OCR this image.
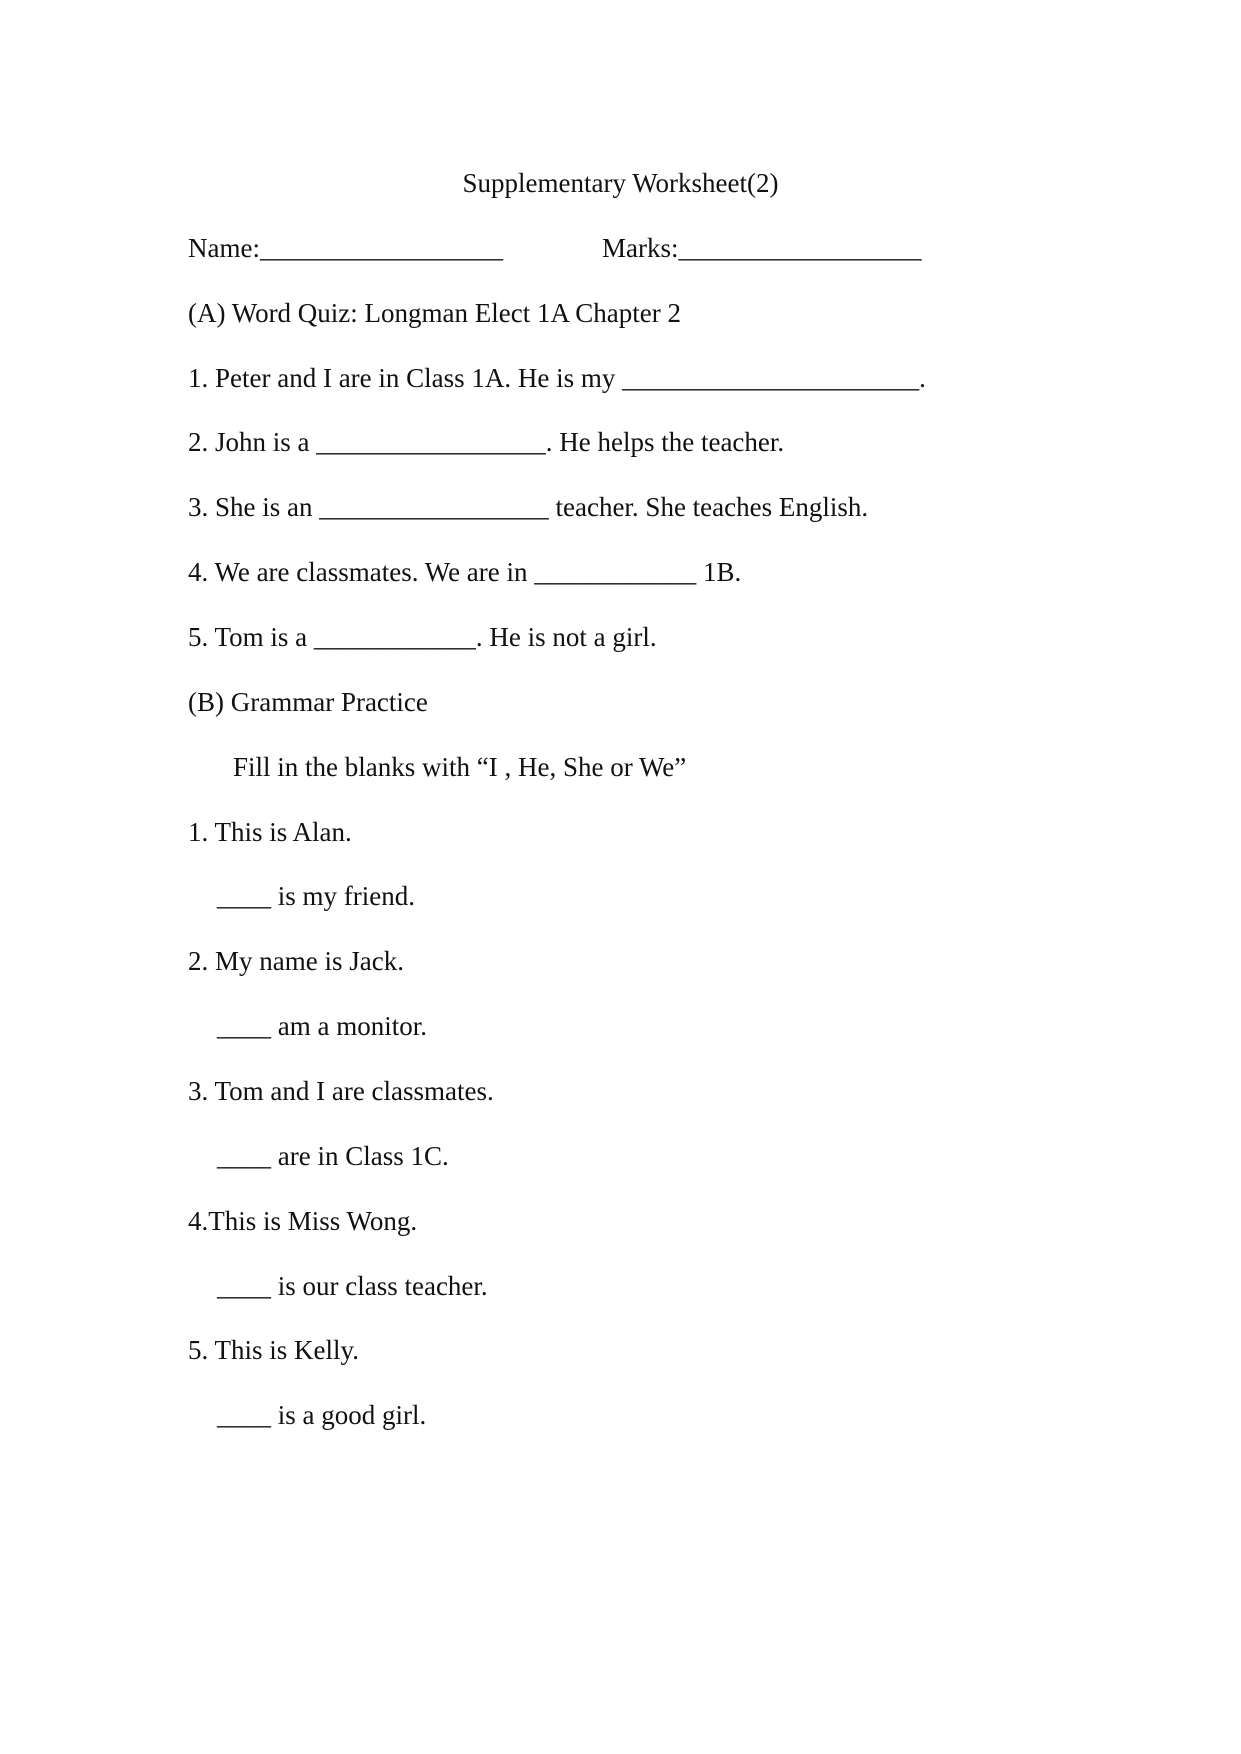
Supplementary Worksheet(2)

Name:__________________	Marks:__________________

(A) Word Quiz: Longman Elect 1A Chapter 2

1. Peter and I are in Class 1A. He is my ______________________.

2. John is a _________________. He helps the teacher.

3. She is an _________________ teacher. She teaches English.

4. We are classmates. We are in ____________ 1B.

5. Tom is a ____________. He is not a girl.

(B) Grammar Practice

Fill in the blanks with “I , He, She or We”

1. This is Alan.

____ is my friend.

2. My name is Jack.

____ am a monitor.

3. Tom and I are classmates.

____ are in Class 1C.

4.This is Miss Wong.

____ is our class teacher.

5. This is Kelly.

____ is a good girl.
